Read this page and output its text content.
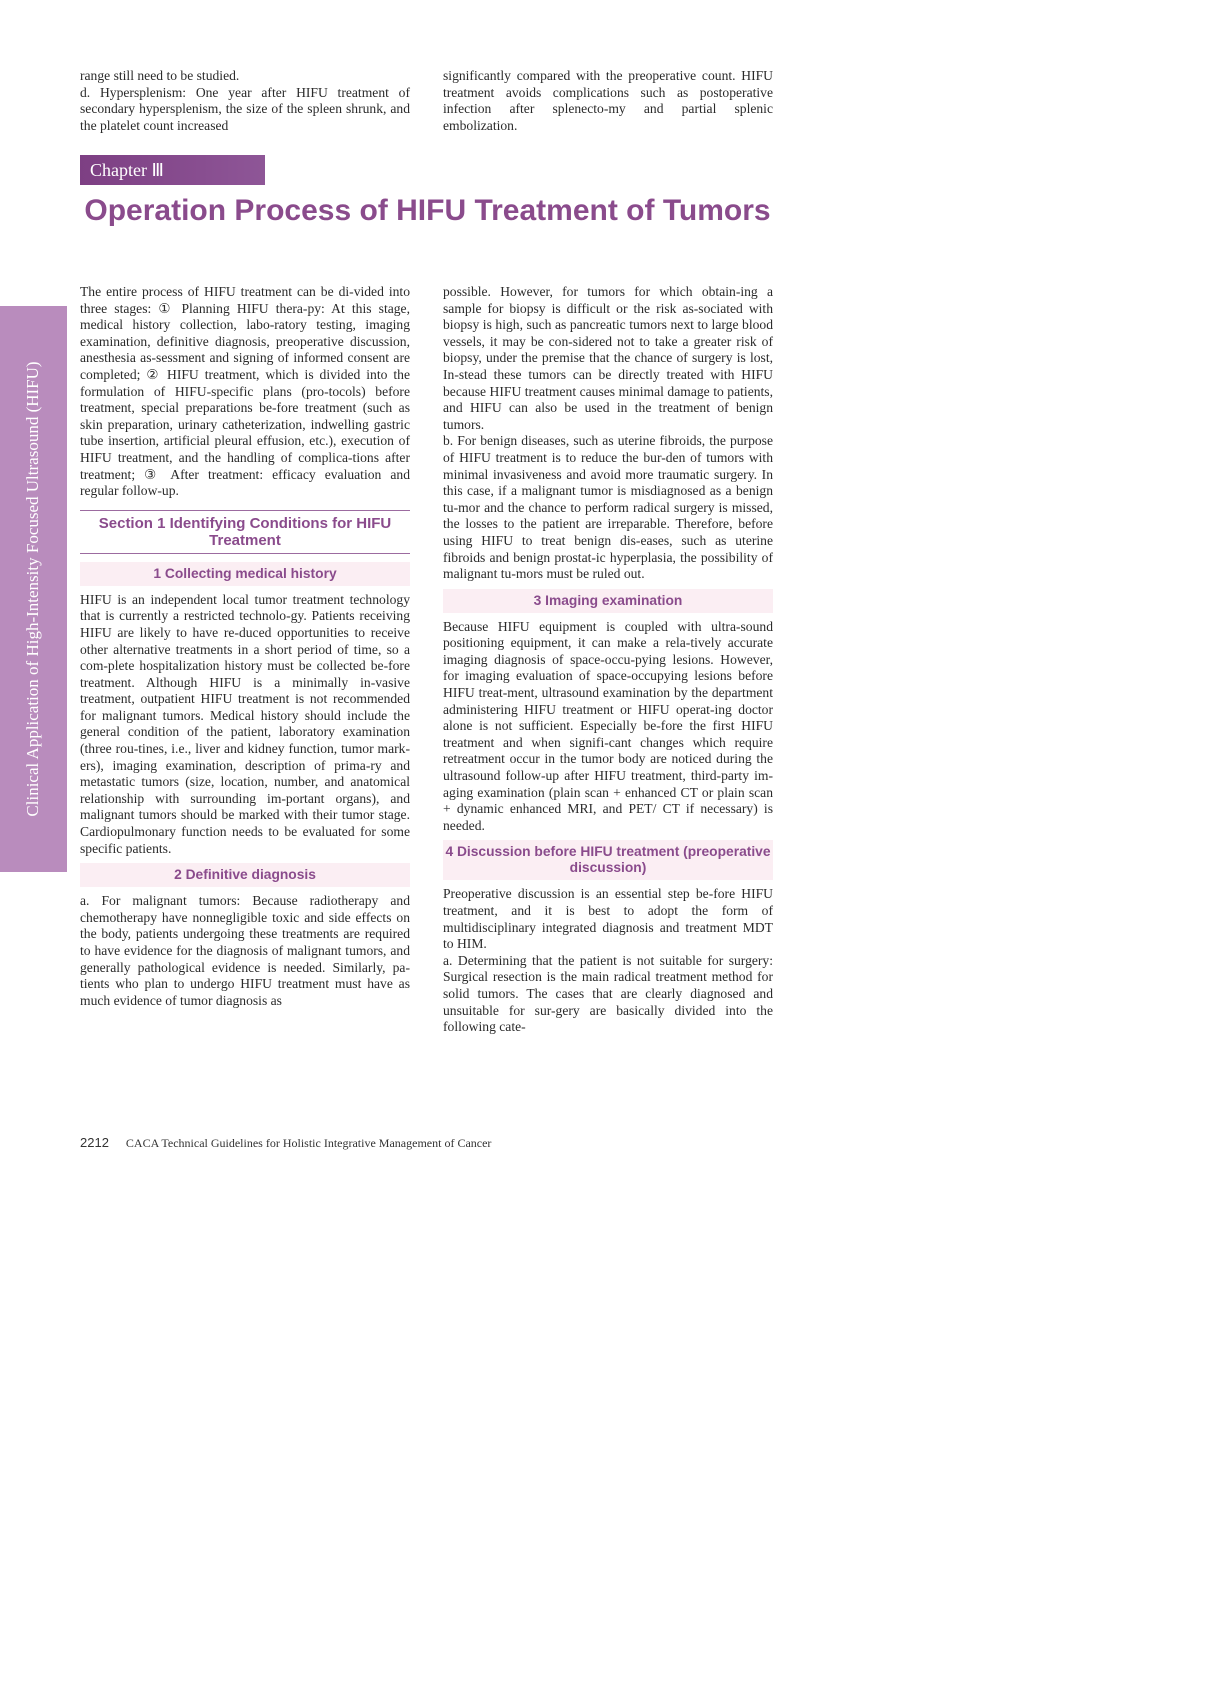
range still need to be studied.

d. Hypersplenism: One year after HIFU treatment of secondary hypersplenism, the size of the spleen shrunk, and the platelet count increased

significantly compared with the preoperative count. HIFU treatment avoids complications such as postoperative infection after splenecto-my and partial splenic embolization.

Chapter Ⅲ
Operation Process of HIFU Treatment of Tumors
Clinical Application of High-Intensity Focused Ultrasound (HIFU)

The entire process of HIFU treatment can be di-vided into three stages: ① Planning HIFU thera-py: At this stage, medical history collection, labo-ratory testing, imaging examination, definitive diagnosis, preoperative discussion, anesthesia as-sessment and signing of informed consent are completed; ② HIFU treatment, which is divided into the formulation of HIFU-specific plans (pro-tocols) before treatment, special preparations be-fore treatment (such as skin preparation, urinary catheterization, indwelling gastric tube insertion, artificial pleural effusion, etc.), execution of HIFU treatment, and the handling of complica-tions after treatment; ③ After treatment: efficacy evaluation and regular follow-up.

Section 1 Identifying Conditions for HIFU Treatment
1 Collecting medical history

HIFU is an independent local tumor treatment technology that is currently a restricted technolo-gy. Patients receiving HIFU are likely to have re-duced opportunities to receive other alternative treatments in a short period of time, so a com-plete hospitalization history must be collected be-fore treatment. Although HIFU is a minimally in-vasive treatment, outpatient HIFU treatment is not recommended for malignant tumors. Medical history should include the general condition of the patient, laboratory examination (three rou-tines, i.e., liver and kidney function, tumor mark-ers), imaging examination, description of prima-ry and metastatic tumors (size, location, number, and anatomical relationship with surrounding im-portant organs), and malignant tumors should be marked with their tumor stage. Cardiopulmonary function needs to be evaluated for some specific patients.

2 Definitive diagnosis

a. For malignant tumors: Because radiotherapy and chemotherapy have nonnegligible toxic and side effects on the body, patients undergoing these treatments are required to have evidence for the diagnosis of malignant tumors, and generally pathological evidence is needed. Similarly, pa-tients who plan to undergo HIFU treatment must have as much evidence of tumor diagnosis as

possible. However, for tumors for which obtain-ing a sample for biopsy is difficult or the risk as-sociated with biopsy is high, such as pancreatic tumors next to large blood vessels, it may be con-sidered not to take a greater risk of biopsy, under the premise that the chance of surgery is lost, In-stead these tumors can be directly treated with HIFU because HIFU treatment causes minimal damage to patients, and HIFU can also be used in the treatment of benign tumors.

b. For benign diseases, such as uterine fibroids, the purpose of HIFU treatment is to reduce the bur-den of tumors with minimal invasiveness and avoid more traumatic surgery. In this case, if a malignant tumor is misdiagnosed as a benign tu-mor and the chance to perform radical surgery is missed, the losses to the patient are irreparable. Therefore, before using HIFU to treat benign dis-eases, such as uterine fibroids and benign prostat-ic hyperplasia, the possibility of malignant tu-mors must be ruled out.

3 Imaging examination

Because HIFU equipment is coupled with ultra-sound positioning equipment, it can make a rela-tively accurate imaging diagnosis of space-occu-pying lesions. However, for imaging evaluation of space-occupying lesions before HIFU treat-ment, ultrasound examination by the department administering HIFU treatment or HIFU operat-ing doctor alone is not sufficient. Especially be-fore the first HIFU treatment and when signifi-cant changes which require retreatment occur in the tumor body are noticed during the ultrasound follow-up after HIFU treatment, third-party im-aging examination (plain scan + enhanced CT or plain scan + dynamic enhanced MRI, and PET/ CT if necessary) is needed.

4 Discussion before HIFU treatment (preoperative discussion)

Preoperative discussion is an essential step be-fore HIFU treatment, and it is best to adopt the form of multidisciplinary integrated diagnosis and treatment MDT to HIM.

a. Determining that the patient is not suitable for surgery: Surgical resection is the main radical treatment method for solid tumors. The cases that are clearly diagnosed and unsuitable for sur-gery are basically divided into the following cate-

2212 CACA Technical Guidelines for Holistic Integrative Management of Cancer
